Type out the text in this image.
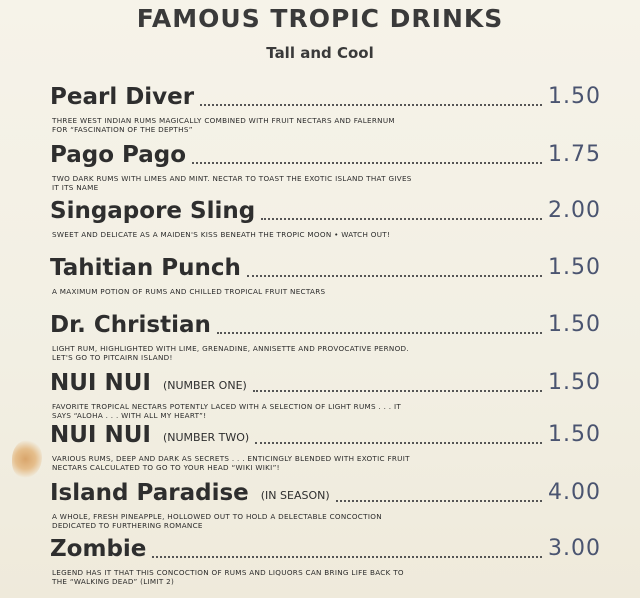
FAMOUS TROPIC DRINKS
Tall and Cool
Pearl Diver	1.50
THREE WEST INDIAN RUMS MAGICALLY COMBINED WITH FRUIT NECTARS AND FALERNUM FOR “FASCINATION OF THE DEPTHS”
Pago Pago	1.75
TWO DARK RUMS WITH LIMES AND MINT. NECTAR TO TOAST THE EXOTIC ISLAND THAT GIVES IT ITS NAME
Singapore Sling	2.00
SWEET AND DELICATE AS A MAIDEN'S KISS BENEATH THE TROPIC MOON • WATCH OUT!
Tahitian Punch	1.50
A MAXIMUM POTION OF RUMS AND CHILLED TROPICAL FRUIT NECTARS
Dr. Christian	1.50
LIGHT RUM, HIGHLIGHTED WITH LIME, GRENADINE, ANNISETTE AND PROVOCATIVE PERNOD. LET'S GO TO PITCAIRN ISLAND!
NUI NUI (NUMBER ONE)	1.50
FAVORITE TROPICAL NECTARS POTENTLY LACED WITH A SELECTION OF LIGHT RUMS . . . IT SAYS “ALOHA . . . WITH ALL MY HEART”!
NUI NUI (NUMBER TWO)	1.50
VARIOUS RUMS, DEEP AND DARK AS SECRETS . . . ENTICINGLY BLENDED WITH EXOTIC FRUIT NECTARS CALCULATED TO GO TO YOUR HEAD “WIKI WIKI”!
Island Paradise (IN SEASON)	4.00
A WHOLE, FRESH PINEAPPLE, HOLLOWED OUT TO HOLD A DELECTABLE CONCOCTION DEDICATED TO FURTHERING ROMANCE
Zombie	3.00
LEGEND HAS IT THAT THIS CONCOCTION OF RUMS AND LIQUORS CAN BRING LIFE BACK TO THE “WALKING DEAD” (LIMIT 2)
